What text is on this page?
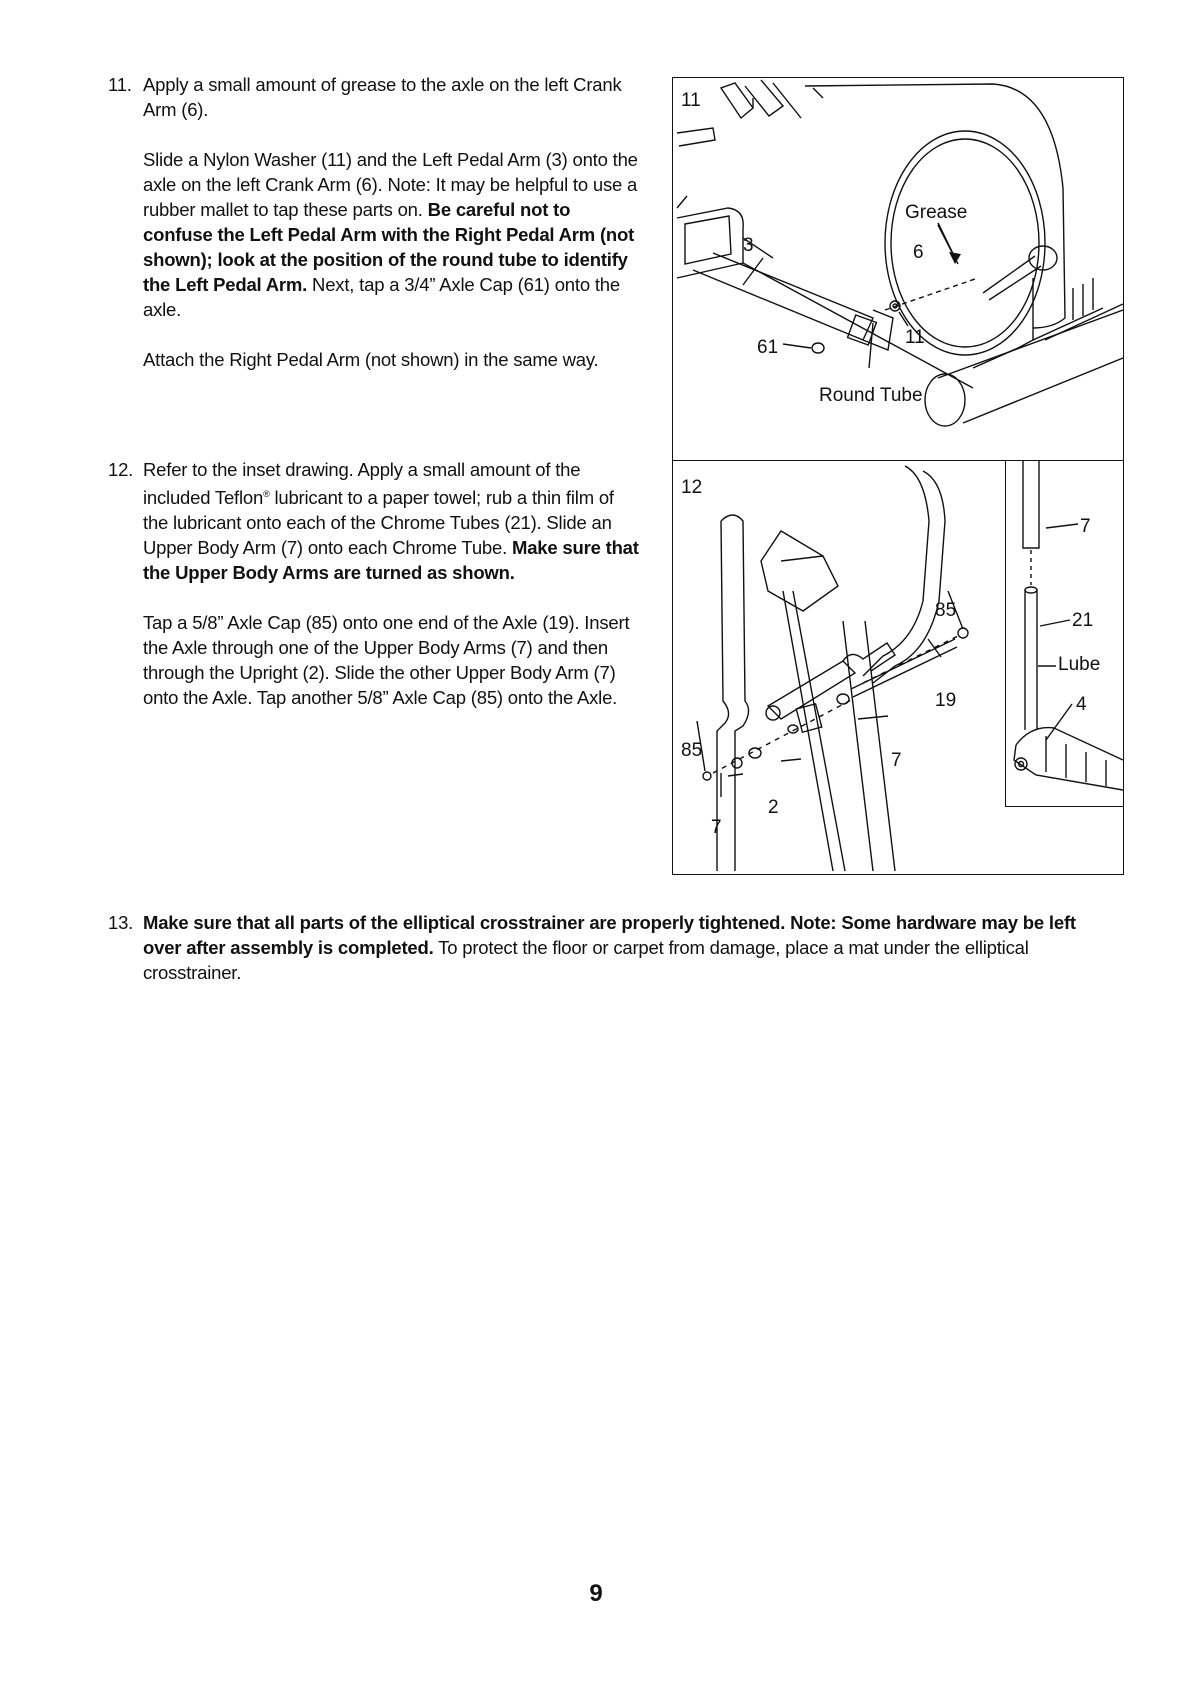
11. Apply a small amount of grease to the axle on the left Crank Arm (6).

Slide a Nylon Washer (11) and the Left Pedal Arm (3) onto the axle on the left Crank Arm (6). Note: It may be helpful to use a rubber mallet to tap these parts on. Be careful not to confuse the Left Pedal Arm with the Right Pedal Arm (not shown); look at the position of the round tube to identify the Left Pedal Arm. Next, tap a 3/4” Axle Cap (61) onto the axle.

Attach the Right Pedal Arm (not shown) in the same way.

12. Refer to the inset drawing. Apply a small amount of the included Teflon® lubricant to a paper towel; rub a thin film of the lubricant onto each of the Chrome Tubes (21). Slide an Upper Body Arm (7) onto each Chrome Tube. Make sure that the Upper Body Arms are turned as shown.

Tap a 5/8” Axle Cap (85) onto one end of the Axle (19). Insert the Axle through one of the Upper Body Arms (7) and then through the Upright (2). Slide the other Upper Body Arm (7) onto the Axle. Tap another 5/8” Axle Cap (85) onto the Axle.

13. Make sure that all parts of the elliptical crosstrainer are properly tightened. Note: Some hardware may be left over after assembly is completed. To protect the floor or carpet from damage, place a mat under the elliptical crosstrainer.

11
Grease
6
3
61	11
Round Tube
12
85
19
7
85
7
2
7
21
Lube
4
9
